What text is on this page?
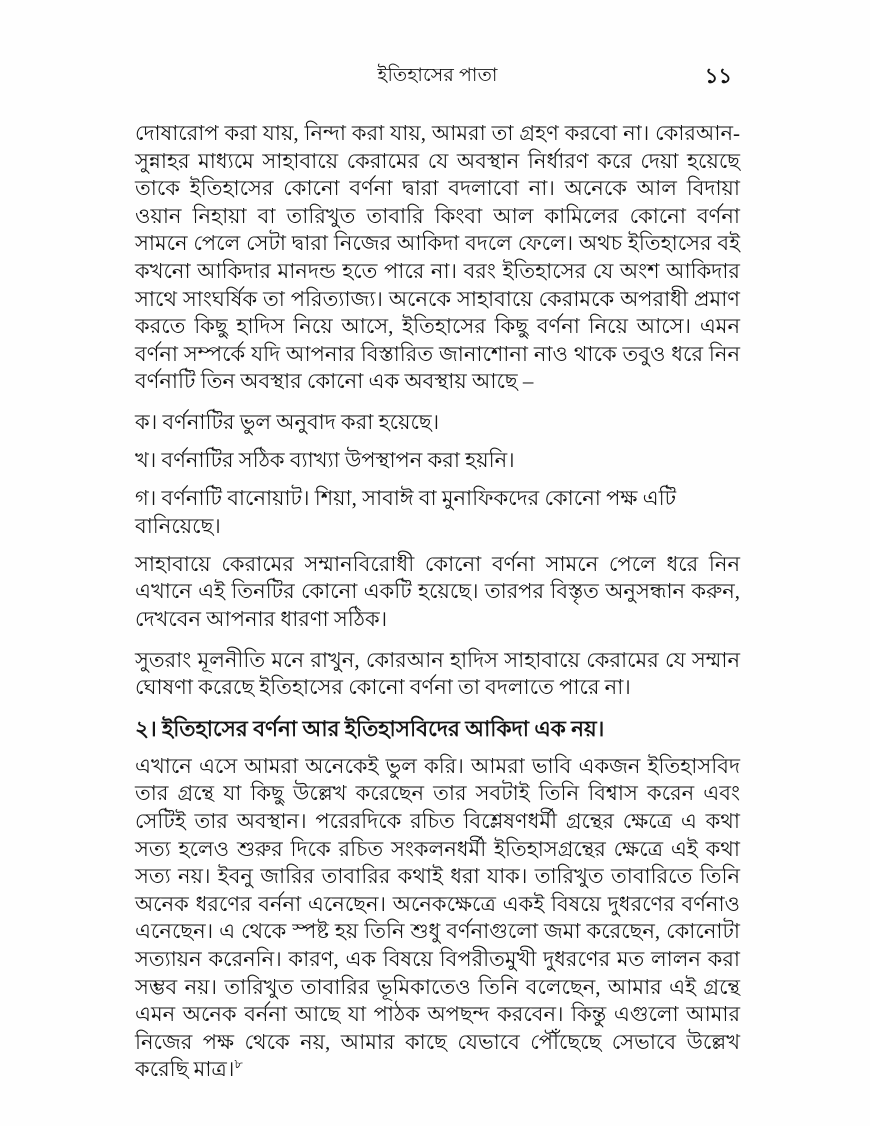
ইতিহাসের পাতা	১১

দোষারোপ করা যায়, নিন্দা করা যায়, আমরা তা গ্রহণ করবো না। কোরআন-সুন্নাহর মাধ্যমে সাহাবায়ে কেরামের যে অবস্থান নির্ধারণ করে দেয়া হয়েছে তাকে ইতিহাসের কোনো বর্ণনা দ্বারা বদলাবো না। অনেকে আল বিদায়া ওয়ান নিহায়া বা তারিখুত তাবারি কিংবা আল কামিলের কোনো বর্ণনা সামনে পেলে সেটা দ্বারা নিজের আকিদা বদলে ফেলে। অথচ ইতিহাসের বই কখনো আকিদার মানদন্ড হতে পারে না। বরং ইতিহাসের যে অংশ আকিদার সাথে সাংঘর্ষিক তা পরিত্যাজ্য। অনেকে সাহাবায়ে কেরামকে অপরাধী প্রমাণ করতে কিছু হাদিস নিয়ে আসে, ইতিহাসের কিছু বর্ণনা নিয়ে আসে। এমন বর্ণনা সম্পর্কে যদি আপনার বিস্তারিত জানাশোনা নাও থাকে তবুও ধরে নিন বর্ণনাটি তিন অবস্থার কোনো এক অবস্থায় আছে –

ক। বর্ণনাটির ভুল অনুবাদ করা হয়েছে।

খ। বর্ণনাটির সঠিক ব্যাখ্যা উপস্থাপন করা হয়নি।

গ। বর্ণনাটি বানোয়াট। শিয়া, সাবাঈ বা মুনাফিকদের কোনো পক্ষ এটি বানিয়েছে।

সাহাবায়ে কেরামের সম্মানবিরোধী কোনো বর্ণনা সামনে পেলে ধরে নিন এখানে এই তিনটির কোনো একটি হয়েছে। তারপর বিস্তৃত অনুসন্ধান করুন, দেখবেন আপনার ধারণা সঠিক।

সুতরাং মূলনীতি মনে রাখুন, কোরআন হাদিস সাহাবায়ে কেরামের যে সম্মান ঘোষণা করেছে ইতিহাসের কোনো বর্ণনা তা বদলাতে পারে না।

২। ইতিহাসের বর্ণনা আর ইতিহাসবিদের আকিদা এক নয়।

এখানে এসে আমরা অনেকেই ভুল করি। আমরা ভাবি একজন ইতিহাসবিদ তার গ্রন্থে যা কিছু উল্লেখ করেছেন তার সবটাই তিনি বিশ্বাস করেন এবং সেটিই তার অবস্থান। পরেরদিকে রচিত বিশ্লেষণধর্মী গ্রন্থের ক্ষেত্রে এ কথা সত্য হলেও শুরুর দিকে রচিত সংকলনধর্মী ইতিহাসগ্রন্থের ক্ষেত্রে এই কথা সত্য নয়। ইবনু জারির তাবারির কথাই ধরা যাক। তারিখুত তাবারিতে তিনি অনেক ধরণের বর্ননা এনেছেন। অনেকক্ষেত্রে একই বিষয়ে দুধরণের বর্ণনাও এনেছেন। এ থেকে স্পষ্ট হয় তিনি শুধু বর্ণনাগুলো জমা করেছেন, কোনোটা সত্যায়ন করেননি। কারণ, এক বিষয়ে বিপরীতমুখী দুধরণের মত লালন করা সম্ভব নয়। তারিখুত তাবারির ভূমিকাতেও তিনি বলেছেন, আমার এই গ্রন্থে এমন অনেক বর্ননা আছে যা পাঠক অপছন্দ করবেন। কিন্তু এগুলো আমার নিজের পক্ষ থেকে নয়, আমার কাছে যেভাবে পৌঁছেছে সেভাবে উল্লেখ করেছি মাত্র।$^৮$
